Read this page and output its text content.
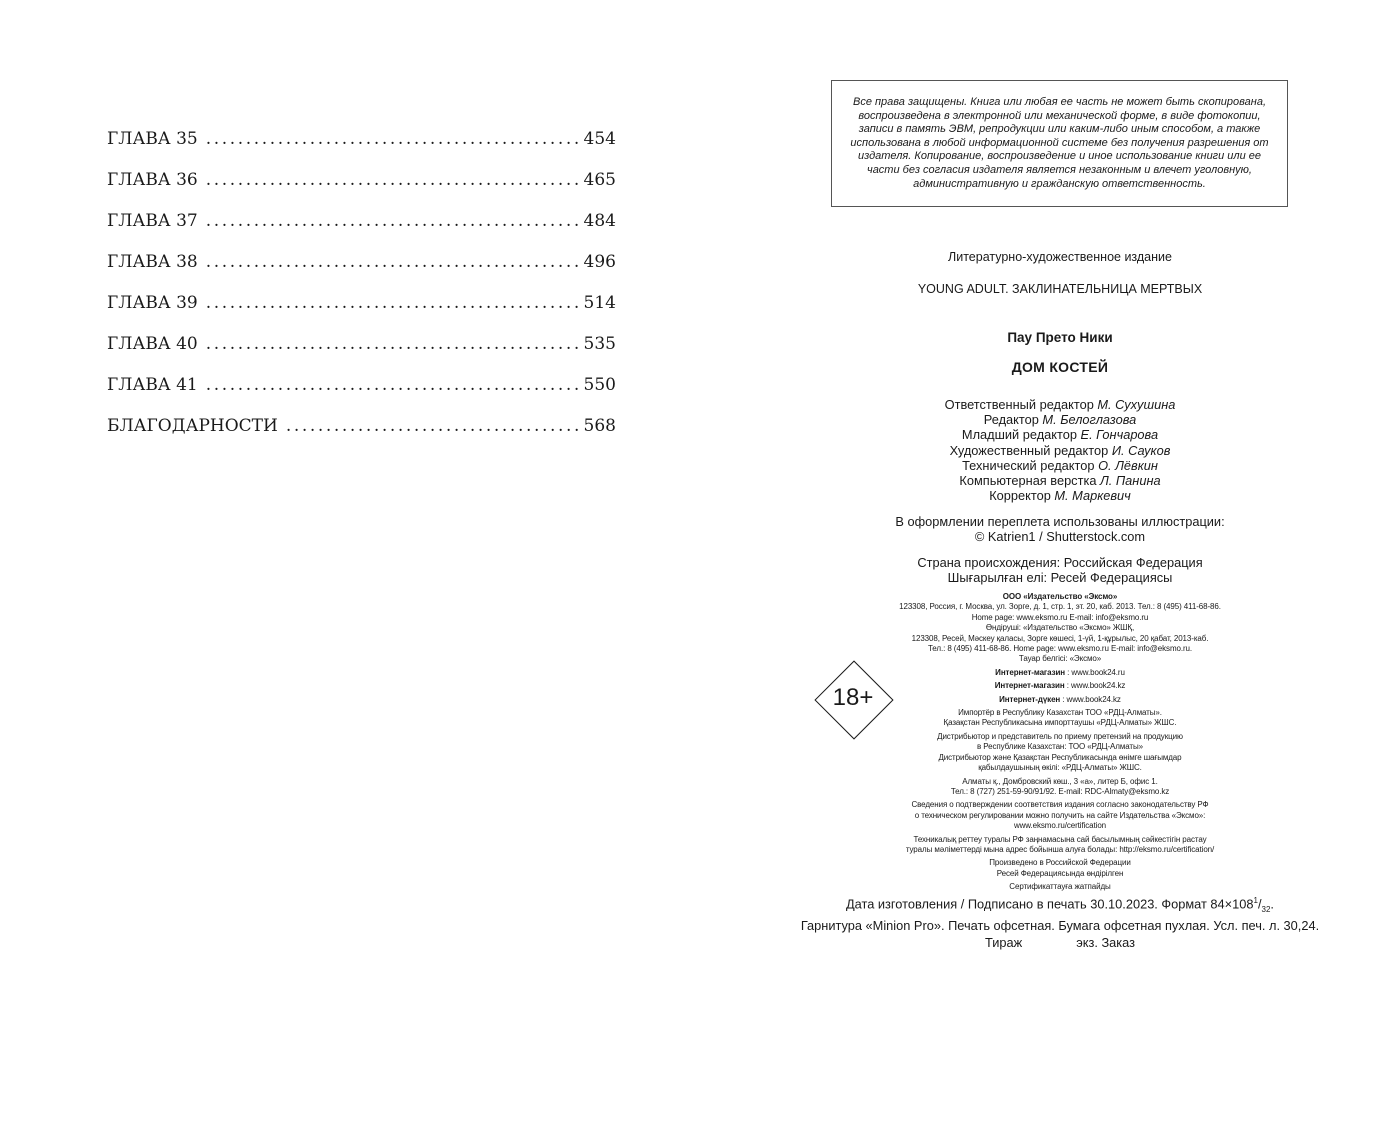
ГЛАВА 35 .....	454
ГЛАВА 36 .....	465
ГЛАВА 37 .....	484
ГЛАВА 38 .....	496
ГЛАВА 39 .....	514
ГЛАВА 40 .....	535
ГЛАВА 41 .....	550
БЛАГОДАРНОСТИ .....	568
Все права защищены. Книга или любая ее часть не может быть скопирована, воспроизведена в электронной или механической форме, в виде фотокопии, записи в память ЭВМ, репродукции или каким-либо иным способом, а также использована в любой информационной системе без получения разрешения от издателя. Копирование, воспроизведение и иное использование книги или ее части без согласия издателя является незаконным и влечет уголовную, административную и гражданскую ответственность.
Литературно-художественное издание
YOUNG ADULT. ЗАКЛИНАТЕЛЬНИЦА МЕРТВЫХ
Пау Прето Ники
ДОМ КОСТЕЙ
Ответственный редактор М. Сухушина
Редактор М. Белоглазова
Младший редактор Е. Гончарова
Художественный редактор И. Сауков
Технический редактор О. Лёвкин
Компьютерная верстка Л. Панина
Корректор М. Маркевич
В оформлении переплета использованы иллюстрации:
© Katrien1 / Shutterstock.com
Страна происхождения: Российская Федерация
Шығарылған елі: Ресей Федерациясы
ООО «Издательство «Эксмо»
123308, Россия, г. Москва, ул. Зорге, д. 1, стр. 1, эт. 20, каб. 2013. Тел.: 8 (495) 411-68-86.
Home page: www.eksmo.ru E-mail: info@eksmo.ru
Өндіруші: «Издательство «Эксмо» ЖШҚ,
123308, Ресей, Мәскеу қаласы, Зорге көшесі, 1-үй, 1-құрылыс, 20 қабат, 2013-каб.
Тел.: 8 (495) 411-68-86. Home page: www.eksmo.ru E-mail: info@eksmo.ru.
Тауар белгісі: «Эксмо»
Интернет-магазин : www.book24.ru
Интернет-магазин : www.book24.kz
Интернет-дүкен : www.book24.kz
Импортёр в Республику Казахстан ТОО «РДЦ-Алматы».
Қазақстан Республикасына импорттаушы «РДЦ-Алматы» ЖШС.
Дистрибьютор и представитель по приему претензий на продукцию
в Республике Казахстан: ТОО «РДЦ-Алматы»
Дистрибьютор және Қазақстан Республикасында өнімге шағымдар
қабылдаушының өкілі: «РДЦ-Алматы» ЖШС.
Алматы қ., Домбровский көш., 3 «а», литер Б, офис 1.
Тел.: 8 (727) 251-59-90/91/92. E-mail: RDC-Almaty@eksmo.kz
Сведения о подтверждении соответствия издания согласно законодательству РФ
о техническом регулировании можно получить на сайте Издательства «Эксмо»:
www.eksmo.ru/certification
Техникалық реттеу туралы РФ заңнамасына сай басылымның сәйкестігін растау
туралы мәліметтерді мына адрес бойынша алуға болады: http://eksmo.ru/certification/
Произведено в Российской Федерации
Ресей Федерациясында өндірілген
Сертификаттауға жатпайды
Дата изготовления / Подписано в печать 30.10.2023. Формат $84\times 108^1/_{32}$.
Гарнитура «Minion Pro». Печать офсетная. Бумага офсетная пухлая. Усл. печ. л. 30,24.
Тираж	экз. Заказ
18+
